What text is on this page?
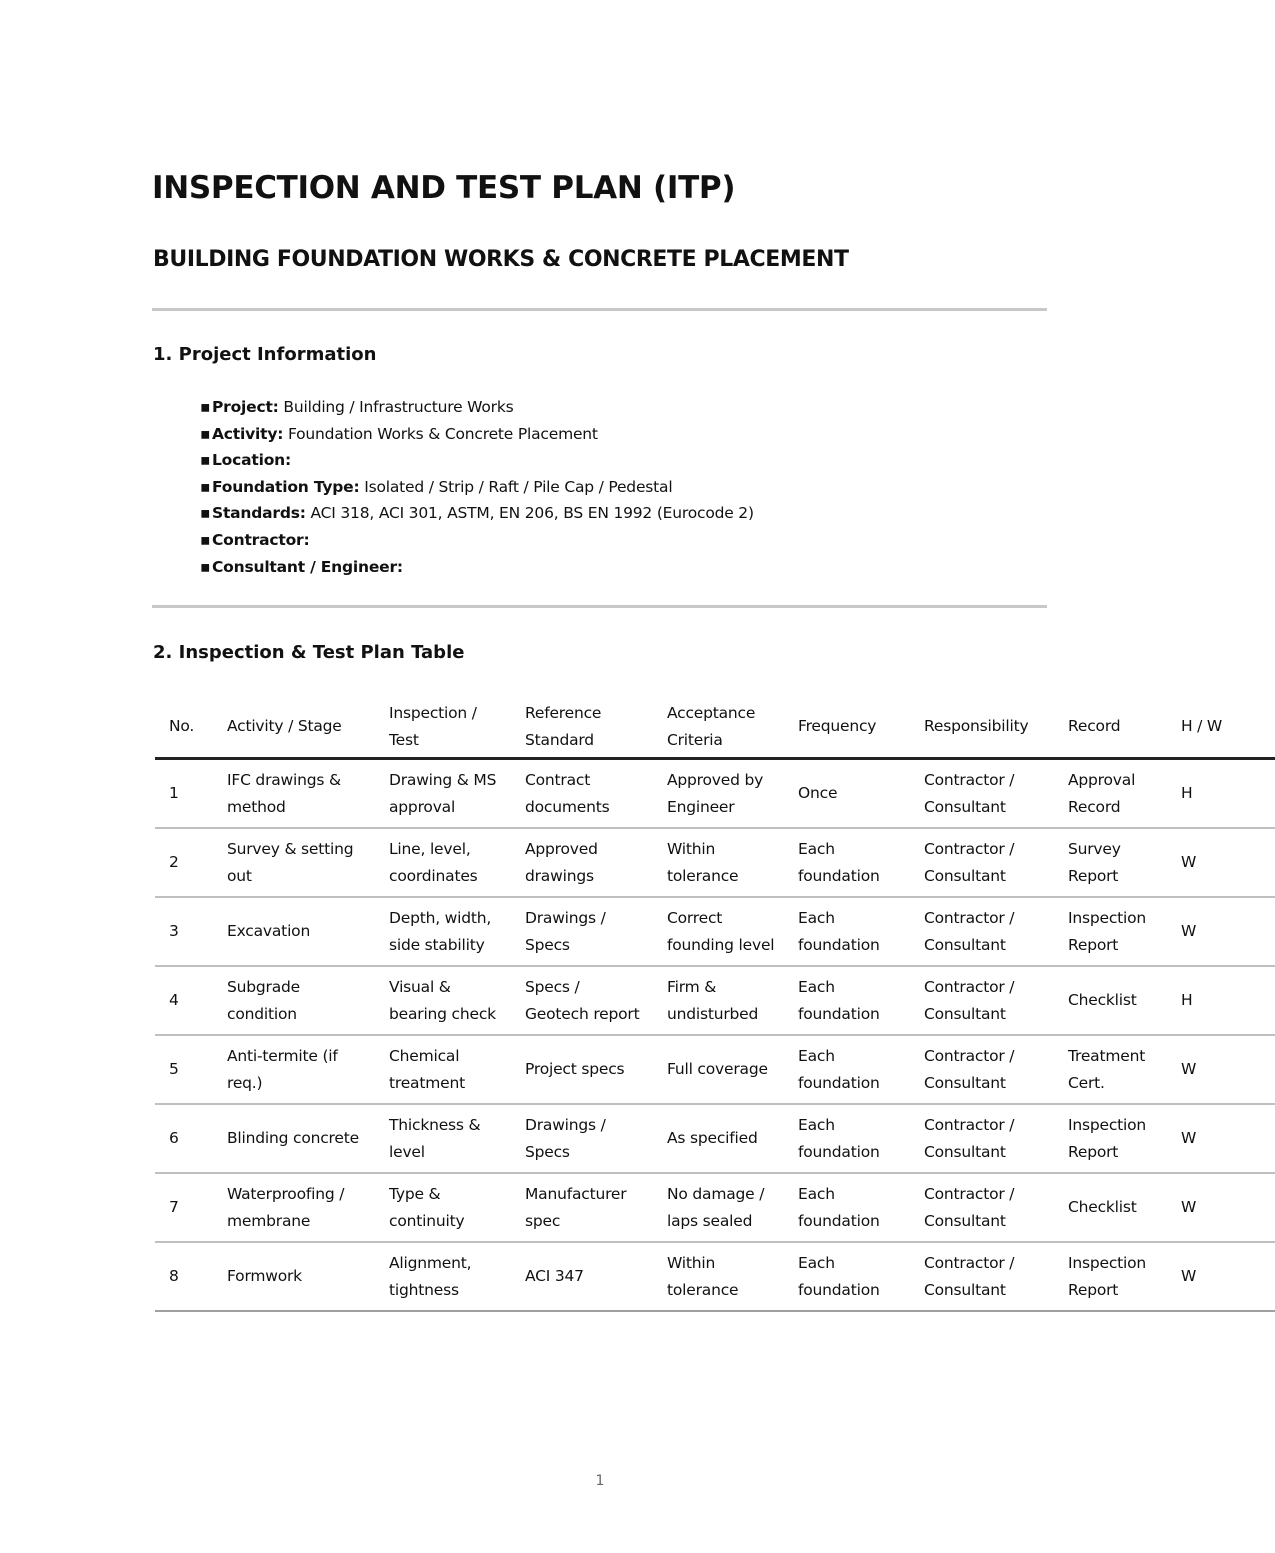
INSPECTION AND TEST PLAN (ITP)
BUILDING FOUNDATION WORKS & CONCRETE PLACEMENT
1. Project Information
▪ Project: Building / Infrastructure Works
▪ Activity: Foundation Works & Concrete Placement
▪ Location:
▪ Foundation Type: Isolated / Strip / Raft / Pile Cap / Pedestal
▪ Standards: ACI 318, ACI 301, ASTM, EN 206, BS EN 1992 (Eurocode 2)
▪ Contractor:
▪ Consultant / Engineer:
2. Inspection & Test Plan Table
No.	Activity / Stage	Inspection / Test	Reference Standard	Acceptance Criteria	Frequency	Responsibility	Record	H / W
1	IFC drawings & method	Drawing & MS approval	Contract documents	Approved by Engineer	Once	Contractor / Consultant	Approval Record	H
2	Survey & setting out	Line, level, coordinates	Approved drawings	Within tolerance	Each foundation	Contractor / Consultant	Survey Report	W
3	Excavation	Depth, width, side stability	Drawings / Specs	Correct founding level	Each foundation	Contractor / Consultant	Inspection Report	W
4	Subgrade condition	Visual & bearing check	Specs / Geotech report	Firm & undisturbed	Each foundation	Contractor / Consultant	Checklist	H
5	Anti-termite (if req.)	Chemical treatment	Project specs	Full coverage	Each foundation	Contractor / Consultant	Treatment Cert.	W
6	Blinding concrete	Thickness & level	Drawings / Specs	As specified	Each foundation	Contractor / Consultant	Inspection Report	W
7	Waterproofing / membrane	Type & continuity	Manufacturer spec	No damage / laps sealed	Each foundation	Contractor / Consultant	Checklist	W
8	Formwork	Alignment, tightness	ACI 347	Within tolerance	Each foundation	Contractor / Consultant	Inspection Report	W
1
